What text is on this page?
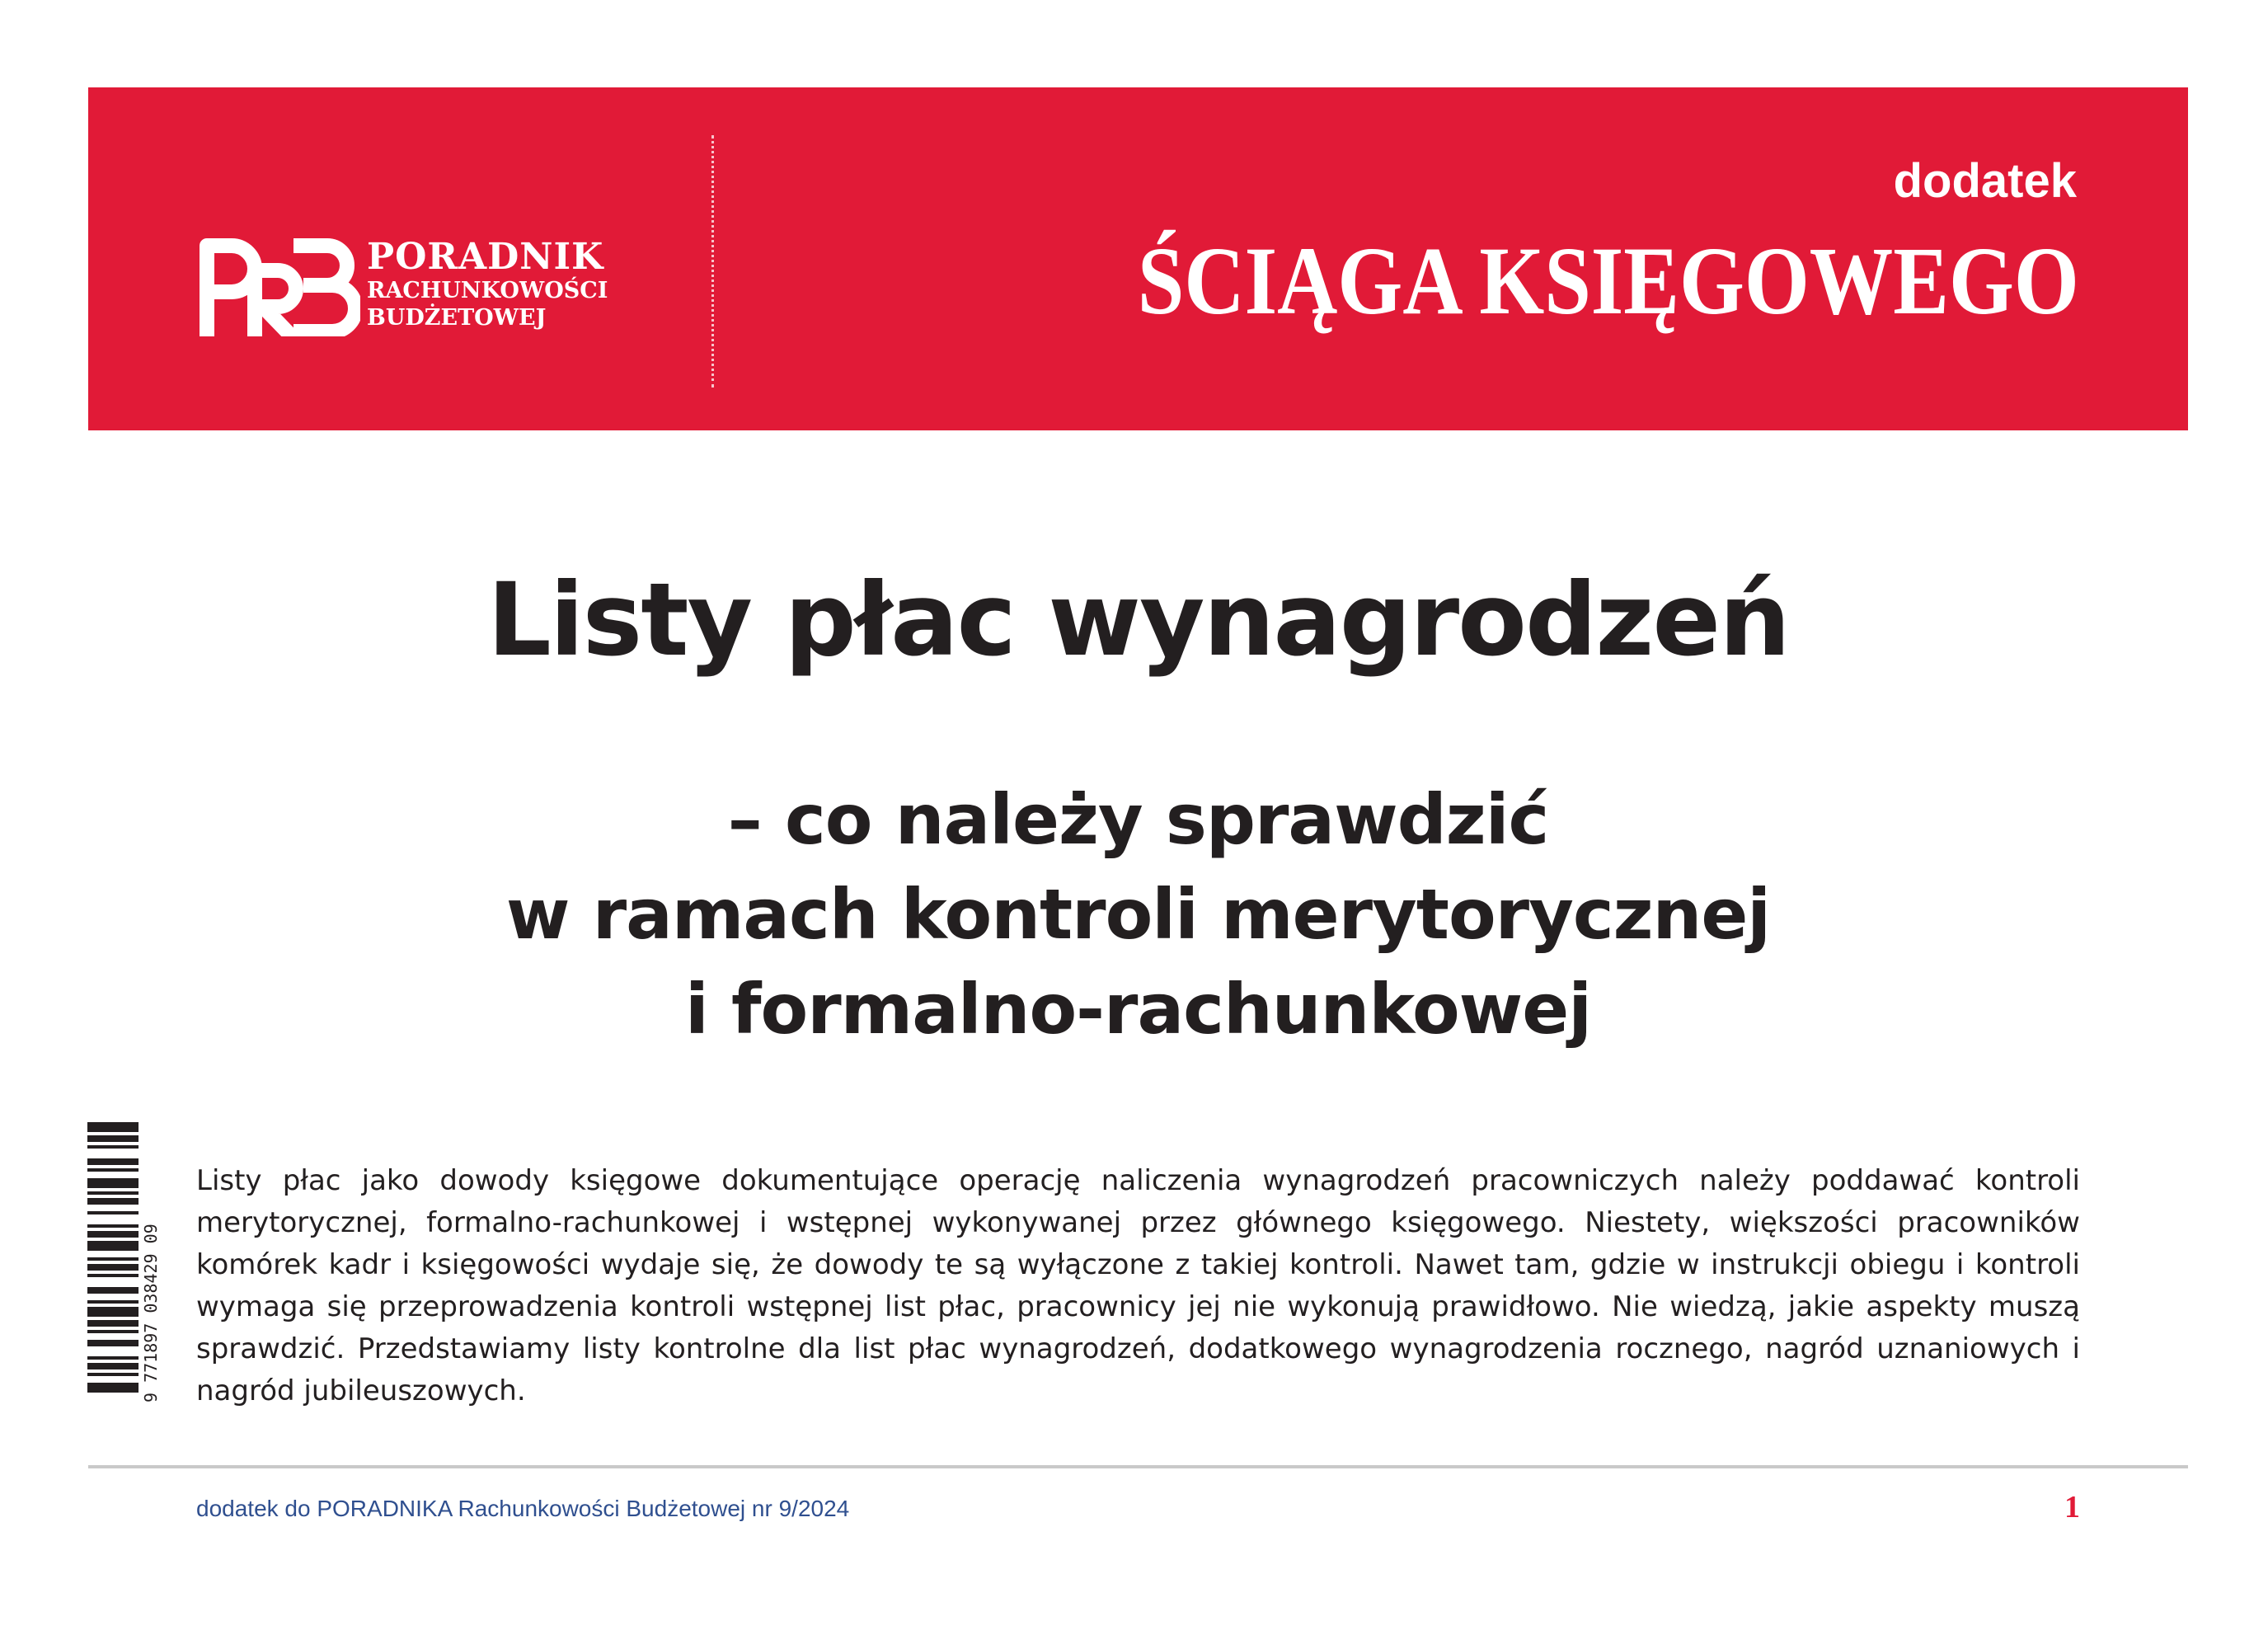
PORADNIK
RACHUNKOWOŚCI
BUDŻETOWEJ
dodatek
ŚCIĄGA KSIĘGOWEGO
Listy płac wynagrodzeń
– co należy sprawdzić
w ramach kontroli merytorycznej
i formalno-rachunkowej
9 771897 038429 09

Listy płac jako dowody księgowe dokumentujące operację naliczenia wynagrodzeń pracowniczych należy poddawać kontroli merytorycznej, formalno-rachunkowej i wstępnej wykonywanej przez głównego księgowego. Niestety, większości pracowników komórek kadr i księgowości wydaje się, że dowody te są wyłączone z takiej kontroli. Nawet tam, gdzie w instrukcji obiegu i kontroli wymaga się przeprowadzenia kontroli wstępnej list płac, pracownicy jej nie wykonują prawidłowo. Nie wiedzą, jakie aspekty muszą sprawdzić. Przedstawiamy listy kontrolne dla list płac wynagrodzeń, dodatkowego wynagrodzenia rocznego, nagród uznaniowych i nagród jubileuszowych.

dodatek do PORADNIKA Rachunkowości Budżetowej nr 9/2024	1
